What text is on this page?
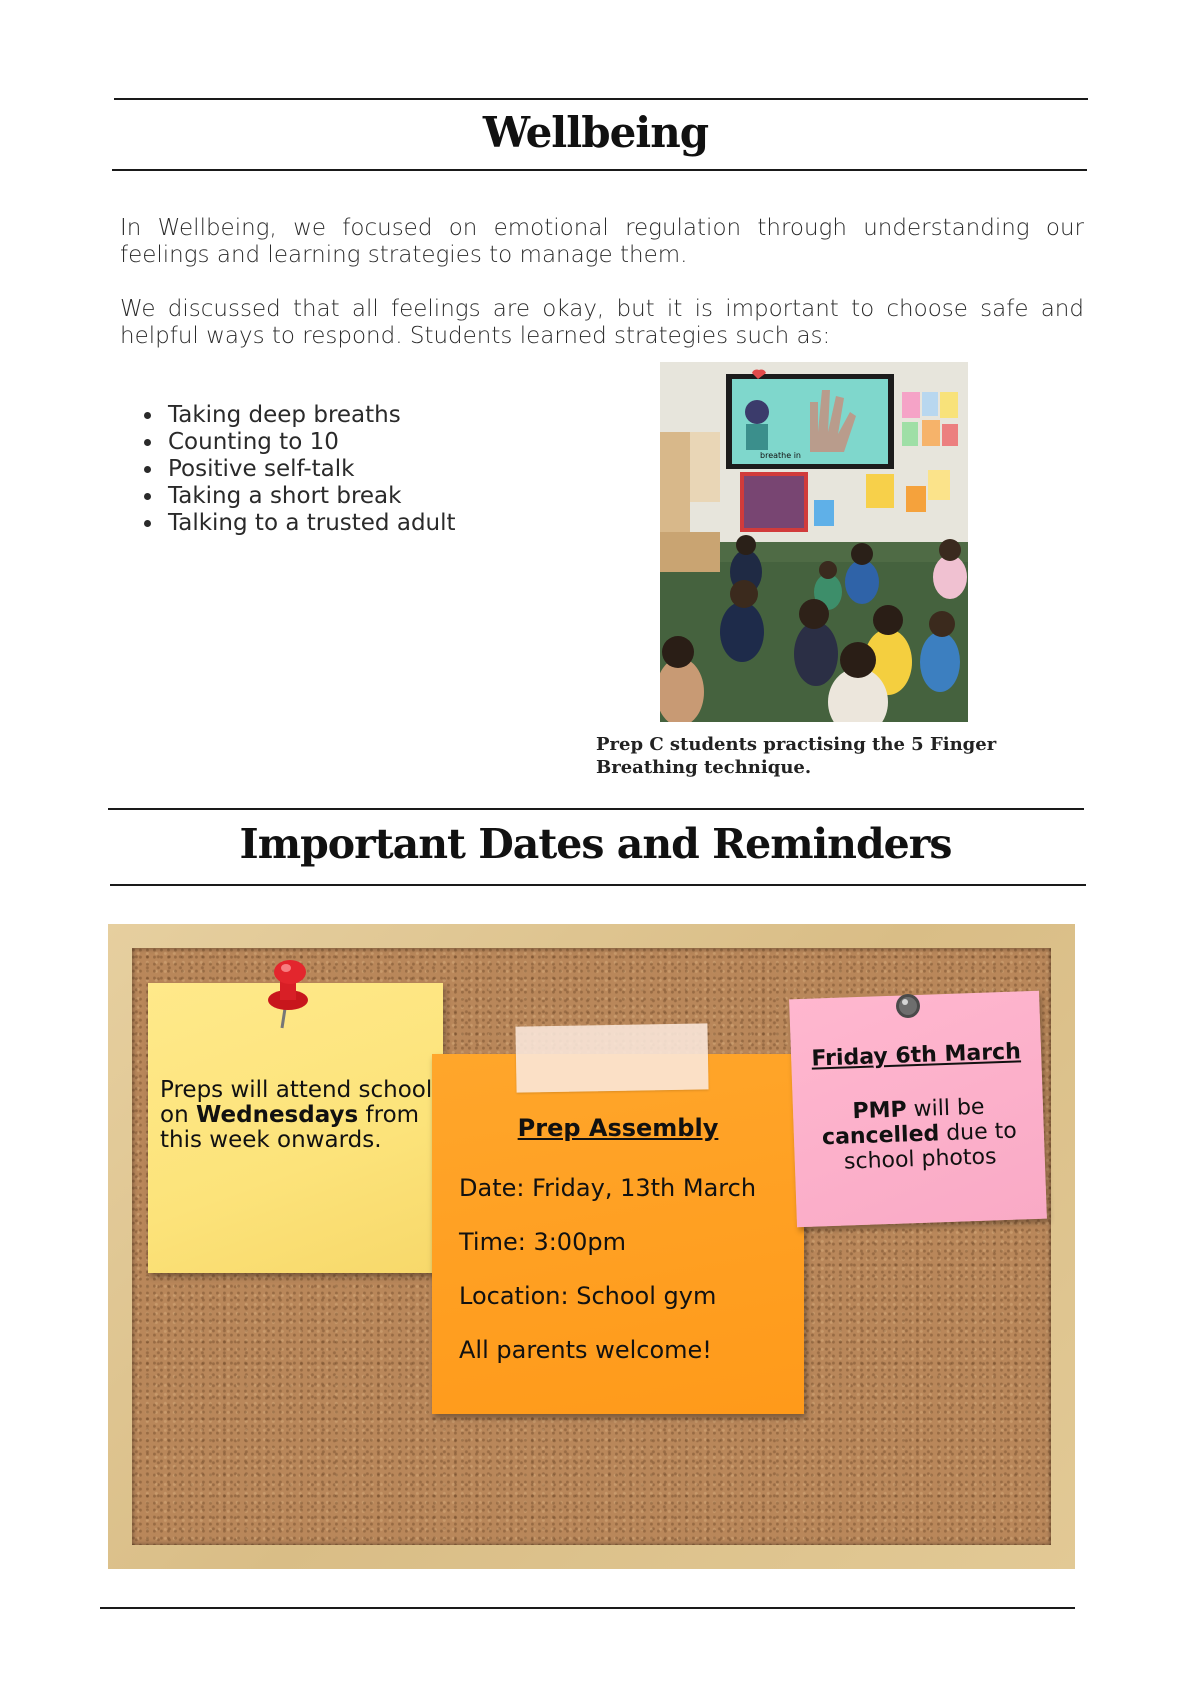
Wellbeing

In Wellbeing, we focused on emotional regulation through understanding our feelings and learning strategies to manage them.

We discussed that all feelings are okay, but it is important to choose safe and helpful ways to respond. Students learned strategies such as:

• Taking deep breaths
• Counting to 10
• Positive self-talk
• Taking a short break
• Talking to a trusted adult
breathe in
Prep C students practising the 5 Finger Breathing technique.
Important Dates and Reminders
Preps will attend school on Wednesdays from this week onwards.	Prep Assembly
Date: Friday, 13th March
Time: 3:00pm
Location: School gym
All parents welcome!
Friday 6th March
PMP will be cancelled due to school photos
